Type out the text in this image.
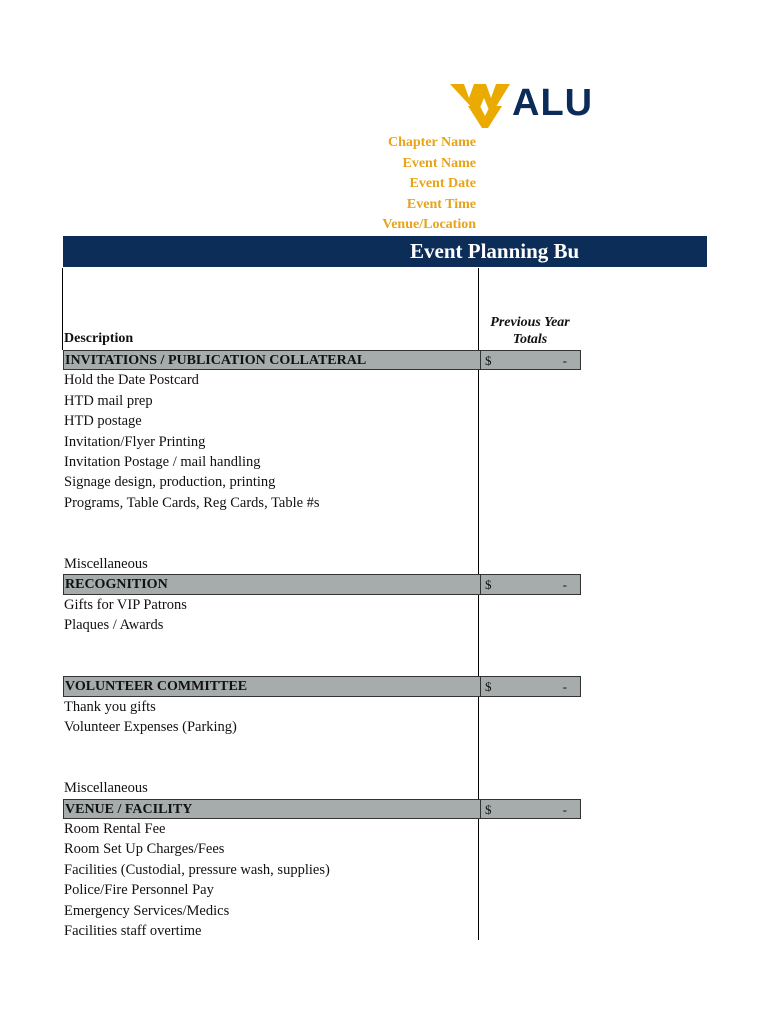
ALU
Chapter Name
Event Name
Event Date
Event Time
Venue/Location
Event Planning Bu
Description
Previous Year
Totals
INVITATIONS / PUBLICATION COLLATERAL	$	-
Hold the Date Postcard
HTD mail prep
HTD postage
Invitation/Flyer Printing
Invitation Postage / mail handling
Signage design, production, printing
Programs, Table Cards, Reg Cards, Table #s
Miscellaneous
RECOGNITION	$	-
Gifts for VIP Patrons
Plaques / Awards
VOLUNTEER COMMITTEE	$	-
Thank you gifts
Volunteer Expenses (Parking)
Miscellaneous
VENUE / FACILITY	$	-
Room Rental Fee
Room Set Up Charges/Fees
Facilities (Custodial, pressure wash, supplies)
Police/Fire Personnel Pay
Emergency Services/Medics
Facilities staff overtime
